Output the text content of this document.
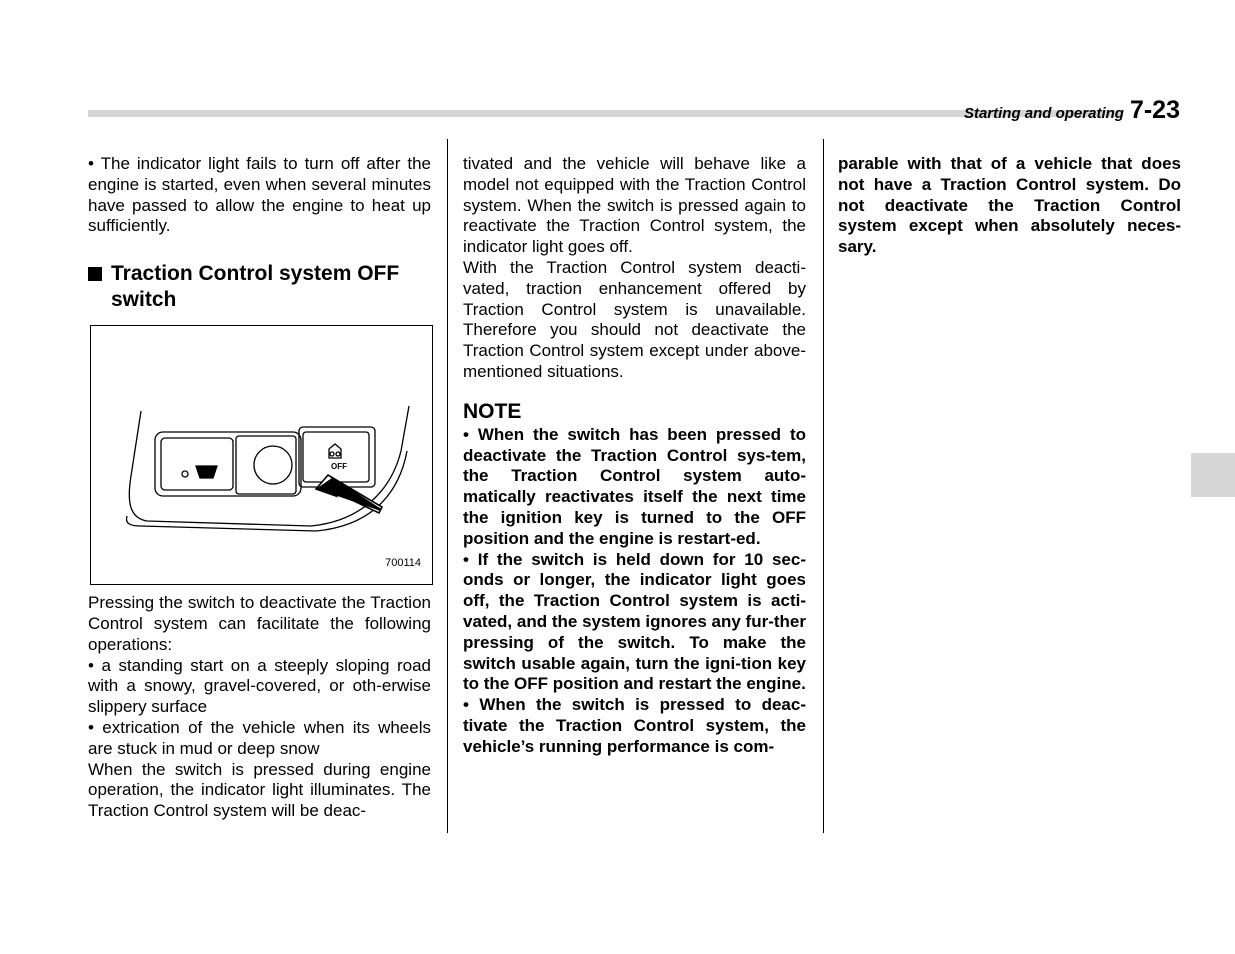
Starting and operating 7-23

• The indicator light fails to turn off after the engine is started, even when several minutes have passed to allow the engine to heat up sufficiently.

Traction Control system OFF switch

OFF
700114

Pressing the switch to deactivate the Traction Control system can facilitate the following operations:

• a standing start on a steeply sloping road with a snowy, gravel-covered, or oth-erwise slippery surface

• extrication of the vehicle when its wheels are stuck in mud or deep snow

When the switch is pressed during engine operation, the indicator light illuminates. The Traction Control system will be deac-

tivated and the vehicle will behave like a model not equipped with the Traction Control system. When the switch is pressed again to reactivate the Traction Control system, the indicator light goes off.

With the Traction Control system deacti-vated, traction enhancement offered by Traction Control system is unavailable. Therefore you should not deactivate the Traction Control system except under above-mentioned situations.

NOTE

• When the switch has been pressed to deactivate the Traction Control sys-tem, the Traction Control system auto-matically reactivates itself the next time the ignition key is turned to the OFF position and the engine is restart-ed.

• If the switch is held down for 10 sec-onds or longer, the indicator light goes off, the Traction Control system is acti-vated, and the system ignores any fur-ther pressing of the switch. To make the switch usable again, turn the igni-tion key to the OFF position and restart the engine.

• When the switch is pressed to deac-tivate the Traction Control system, the vehicle’s running performance is com-

parable with that of a vehicle that does not have a Traction Control system. Do not deactivate the Traction Control system except when absolutely neces-sary.
